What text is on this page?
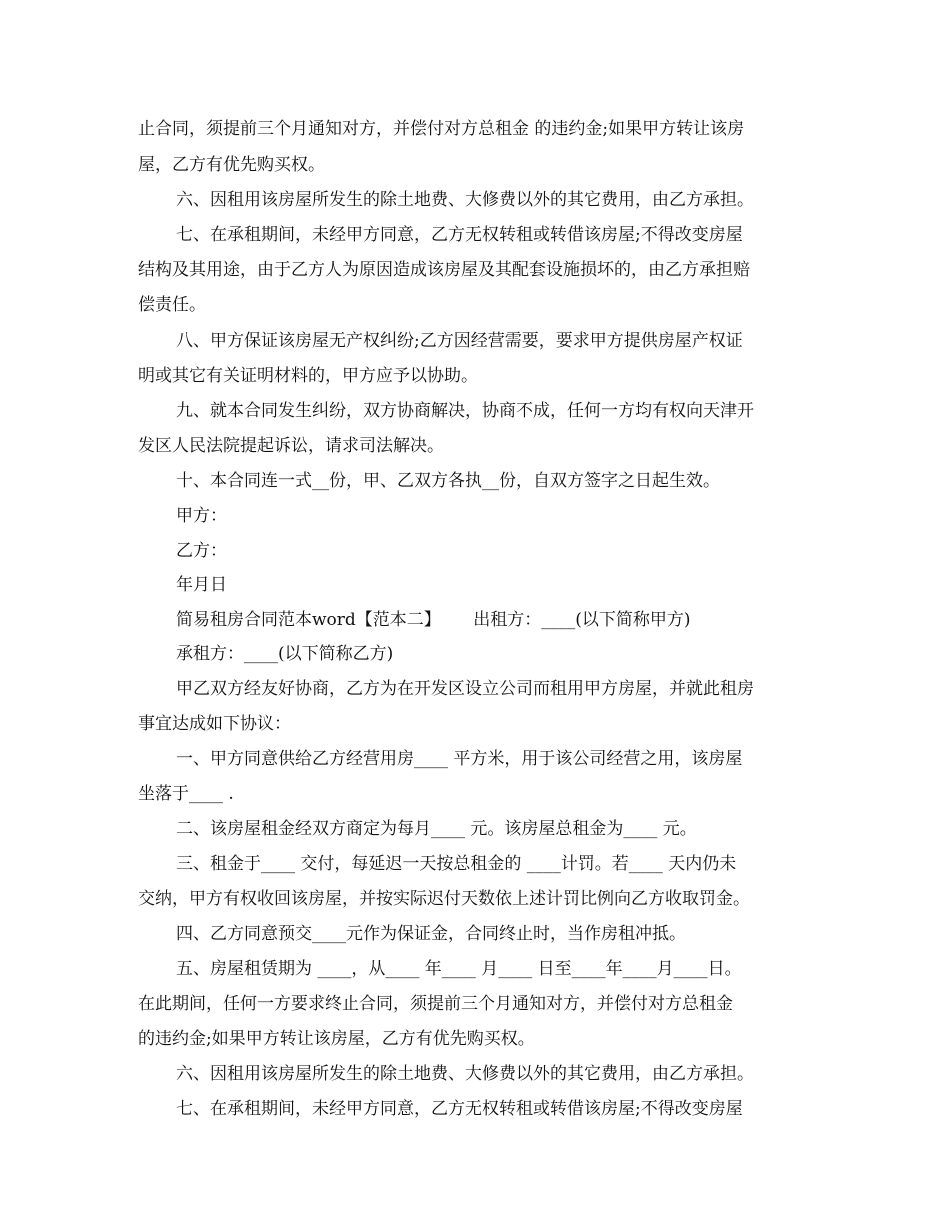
止合同，须提前三个月通知对方，并偿付对方总租金 的违约金;如果甲方转让该房
屋，乙方有优先购买权。
六、因租用该房屋所发生的除土地费、大修费以外的其它费用，由乙方承担。
七、在承租期间，未经甲方同意，乙方无权转租或转借该房屋;不得改变房屋
结构及其用途，由于乙方人为原因造成该房屋及其配套设施损坏的，由乙方承担赔
偿责任。
八、甲方保证该房屋无产权纠纷;乙方因经营需要，要求甲方提供房屋产权证
明或其它有关证明材料的，甲方应予以协助。
九、就本合同发生纠纷，双方协商解决，协商不成，任何一方均有权向天津开
发区人民法院提起诉讼，请求司法解决。
十、本合同连一式__份，甲、乙双方各执__份，自双方签字之日起生效。
甲方：
乙方：
年月日
简易租房合同范本word【范本二】      出租方：____(以下简称甲方)
承租方：____(以下简称乙方)
甲乙双方经友好协商，乙方为在开发区设立公司而租用甲方房屋，并就此租房
事宜达成如下协议：
一、甲方同意供给乙方经营用房____ 平方米，用于该公司经营之用，该房屋
坐落于____ .
二、该房屋租金经双方商定为每月____ 元。该房屋总租金为____ 元。
三、租金于____ 交付，每延迟一天按总租金的 ____计罚。若____ 天内仍未
交纳，甲方有权收回该房屋，并按实际迟付天数依上述计罚比例向乙方收取罚金。
四、乙方同意预交____元作为保证金，合同终止时，当作房租冲抵。
五、房屋租赁期为 ____，从____ 年____ 月____ 日至____年____月____日。
在此期间，任何一方要求终止合同，须提前三个月通知对方，并偿付对方总租金
的违约金;如果甲方转让该房屋，乙方有优先购买权。
六、因租用该房屋所发生的除土地费、大修费以外的其它费用，由乙方承担。
七、在承租期间，未经甲方同意，乙方无权转租或转借该房屋;不得改变房屋
